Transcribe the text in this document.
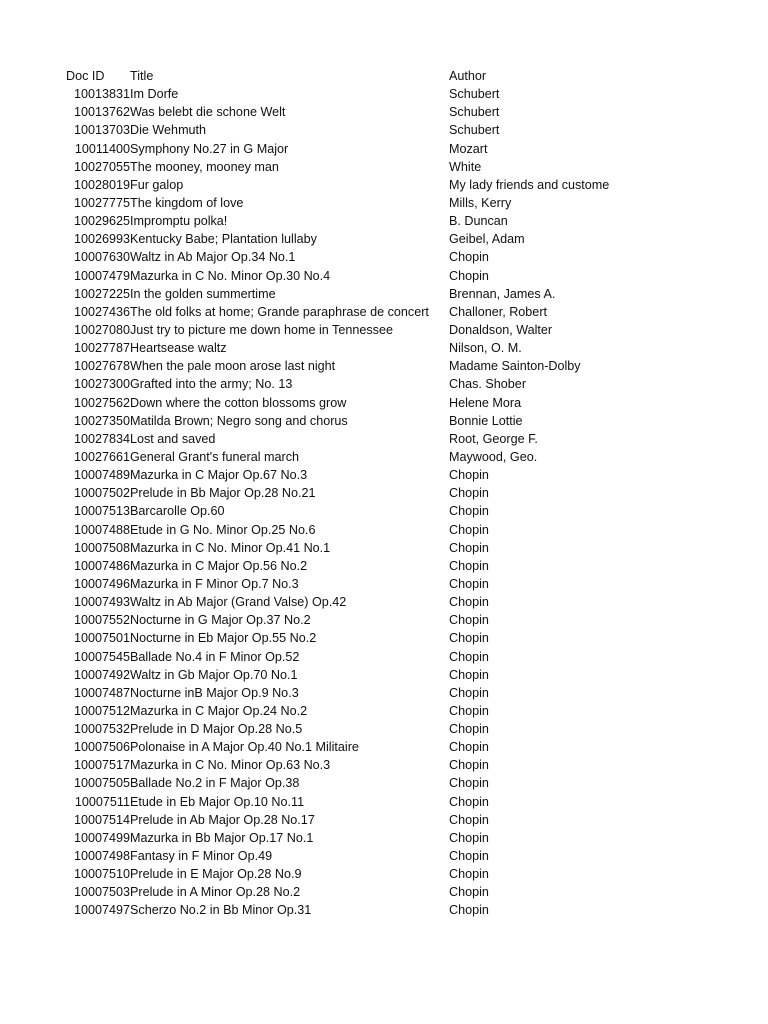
Doc ID	Title	Author
10013831 Im Dorfe	Schubert
10013762 Was belebt die schone Welt	Schubert
10013703 Die Wehmuth	Schubert
10011400 Symphony No.27 in G Major	Mozart
10027055 The mooney, mooney man	White
10028019 Fur galop	My lady friends and custome
10027775 The kingdom of love	Mills, Kerry
10029625 Impromptu polka!	B. Duncan
10026993 Kentucky Babe; Plantation lullaby	Geibel, Adam
10007630 Waltz in Ab Major Op.34 No.1	Chopin
10007479 Mazurka in C No. Minor Op.30 No.4	Chopin
10027225 In the golden summertime	Brennan, James A.
10027436 The old folks at home; Grande paraphrase de concert	Challoner, Robert
10027080 Just try to picture me down home in Tennessee	Donaldson, Walter
10027787 Heartsease waltz	Nilson, O. M.
10027678 When the pale moon arose last night	Madame Sainton-Dolby
10027300 Grafted into the army; No. 13	Chas. Shober
10027562 Down where the cotton blossoms grow	Helene Mora
10027350 Matilda Brown; Negro song and chorus	Bonnie Lottie
10027834 Lost and saved	Root, George F.
10027661 General Grant's funeral march	Maywood, Geo.
10007489 Mazurka in C Major Op.67 No.3	Chopin
10007502 Prelude in Bb Major Op.28 No.21	Chopin
10007513 Barcarolle Op.60	Chopin
10007488 Etude in G No. Minor Op.25 No.6	Chopin
10007508 Mazurka in C No. Minor Op.41 No.1	Chopin
10007486 Mazurka in C Major Op.56 No.2	Chopin
10007496 Mazurka in F Minor Op.7 No.3	Chopin
10007493 Waltz in Ab Major (Grand Valse) Op.42	Chopin
10007552 Nocturne in G Major Op.37 No.2	Chopin
10007501 Nocturne in Eb Major Op.55 No.2	Chopin
10007545 Ballade No.4 in F Minor Op.52	Chopin
10007492 Waltz in Gb Major Op.70 No.1	Chopin
10007487 Nocturne inB Major Op.9 No.3	Chopin
10007512 Mazurka in C Major Op.24 No.2	Chopin
10007532 Prelude in D Major Op.28 No.5	Chopin
10007506 Polonaise in A Major Op.40 No.1 Militaire	Chopin
10007517 Mazurka in C No. Minor Op.63 No.3	Chopin
10007505 Ballade No.2 in F Major Op.38	Chopin
10007511 Etude in Eb Major Op.10 No.11	Chopin
10007514 Prelude in Ab Major Op.28 No.17	Chopin
10007499 Mazurka in Bb Major Op.17 No.1	Chopin
10007498 Fantasy in F Minor Op.49	Chopin
10007510 Prelude in E Major Op.28 No.9	Chopin
10007503 Prelude in A Minor Op.28 No.2	Chopin
10007497 Scherzo No.2 in Bb Minor Op.31	Chopin
